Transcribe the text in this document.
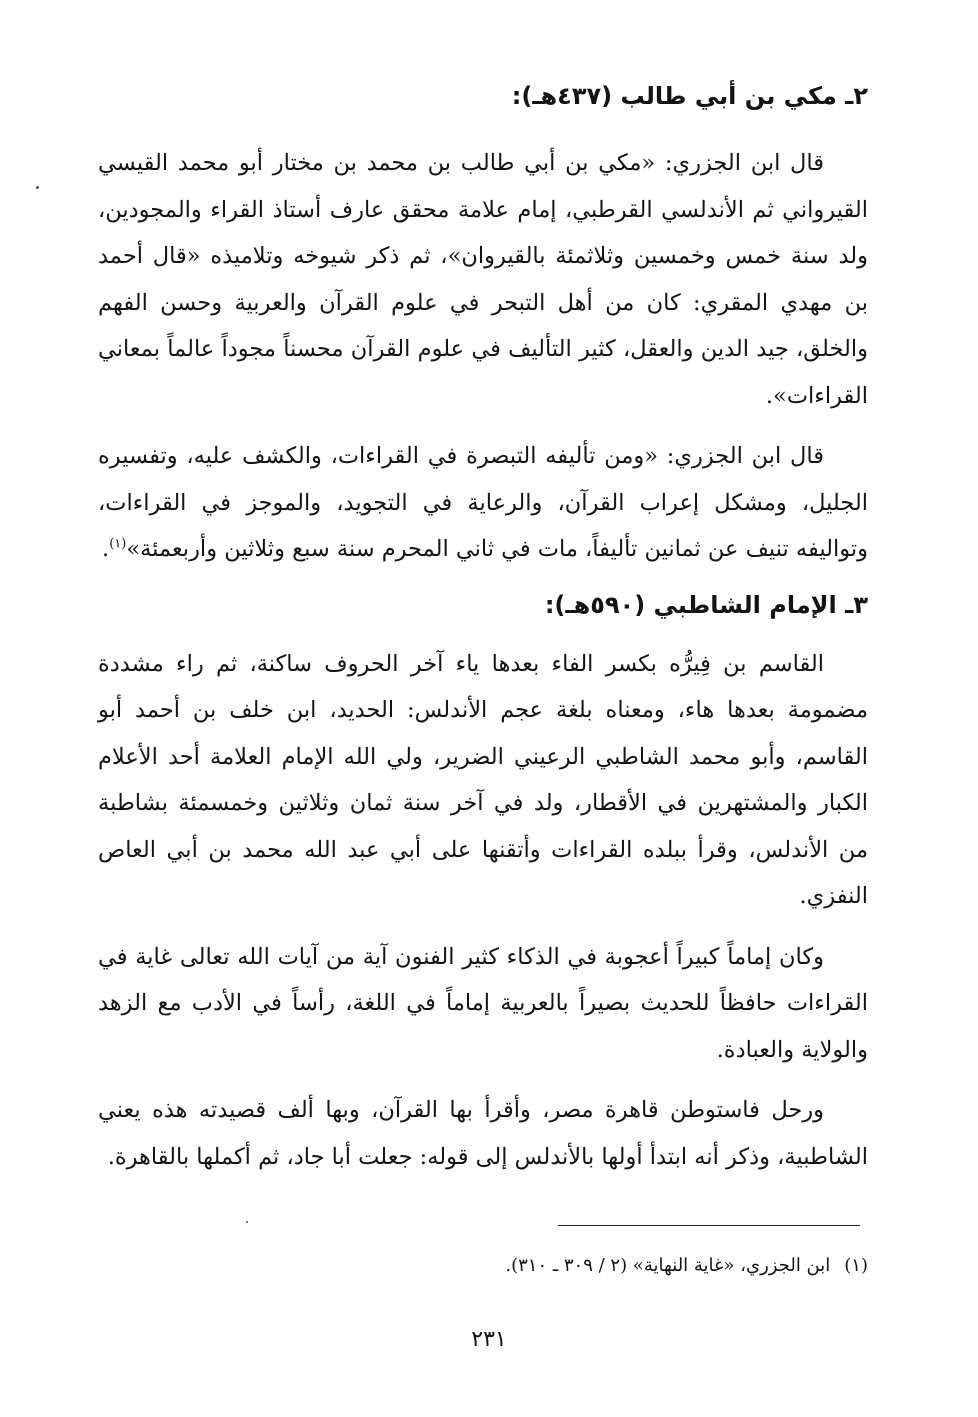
٢ـ مكي بن أبي طالب (٤٣٧هـ):

قال ابن الجزري: «مكي بن أبي طالب بن محمد بن مختار أبو محمد القيسي القيرواني ثم الأندلسي القرطبي، إمام علامة محقق عارف أستاذ القراء والمجودين، ولد سنة خمس وخمسين وثلاثمئة بالقيروان»، ثم ذكر شيوخه وتلاميذه «قال أحمد بن مهدي المقري: كان من أهل التبحر في علوم القرآن والعربية وحسن الفهم والخلق، جيد الدين والعقل، كثير التأليف في علوم القرآن محسناً مجوداً عالماً بمعاني القراءات».

قال ابن الجزري: «ومن تأليفه التبصرة في القراءات، والكشف عليه، وتفسيره الجليل، ومشكل إعراب القرآن، والرعاية في التجويد، والموجز في القراءات، وتواليفه تنيف عن ثمانين تأليفاً، مات في ثاني المحرم سنة سبع وثلاثين وأربعمئة»$^{(١)}$.

٣ـ الإمام الشاطبي (٥٩٠هـ):

القاسم بن فِيرُّه بكسر الفاء بعدها ياء آخر الحروف ساكنة، ثم راء مشددة مضمومة بعدها هاء، ومعناه بلغة عجم الأندلس: الحديد، ابن خلف بن أحمد أبو القاسم، وأبو محمد الشاطبي الرعيني الضرير، ولي الله الإمام العلامة أحد الأعلام الكبار والمشتهرين في الأقطار، ولد في آخر سنة ثمان وثلاثين وخمسمئة بشاطبة من الأندلس، وقرأ ببلده القراءات وأتقنها على أبي عبد الله محمد بن أبي العاص النفزي.

وكان إماماً كبيراً أعجوبة في الذكاء كثير الفنون آية من آيات الله تعالى غاية في القراءات حافظاً للحديث بصيراً بالعربية إماماً في اللغة، رأساً في الأدب مع الزهد والولاية والعبادة.

ورحل فاستوطن قاهرة مصر، وأقرأ بها القرآن، وبها ألف قصيدته هذه يعني الشاطبية، وذكر أنه ابتدأ أولها بالأندلس إلى قوله: جعلت أبا جاد، ثم أكملها بالقاهرة.

(١)ابن الجزري، «غاية النهاية» (٢ / ٣٠٩ ـ ٣١٠).

٢٣١
